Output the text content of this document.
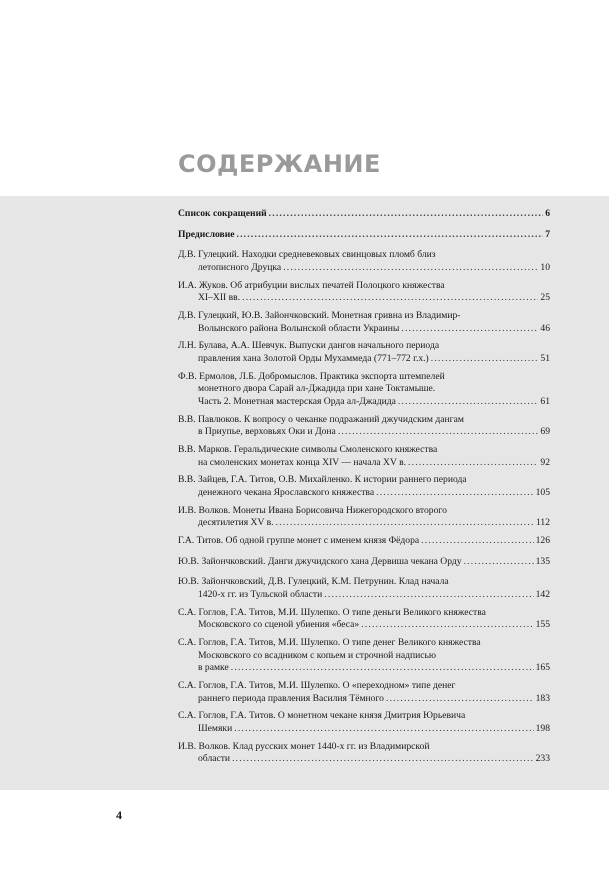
СОДЕРЖАНИЕ
Список сокращений . . .	6
Предисловие . . .	7
Д.В. Гулецкий. Находки средневековых свинцовых пломб близ
летописного Друцка . . .	10
И.А. Жуков. Об атрибуции вислых печатей Полоцкого княжества
XI–XII вв. . . .	25
Д.В. Гулецкий, Ю.В. Зайончковский. Монетная гривна из Владимир-
Волынского района Волынской области Украины . . .	46
Л.Н. Булава, А.А. Шевчук. Выпуски дангов начального периода
правления хана Золотой Орды Мухаммеда (771–772 г.х.) . . .	51
Ф.В. Ермолов, Л.Б. Добромыслов. Практика экспорта штемпелей
монетного двора Сарай ал-Джадида при хане Токтамыше.
Часть 2. Монетная мастерская Орда ал-Джадида . . .	61
В.В. Павлюков. К вопросу о чеканке подражаний джучидским дангам
в Приупье, верховьях Оки и Дона . . .	69
В.В. Марков. Геральдические символы Смоленского княжества
на смоленских монетах конца XIV — начала XV в. . . .	92
В.В. Зайцев, Г.А. Титов, О.В. Михайленко. К истории раннего периода
денежного чекана Ярославского княжества . . .	105
И.В. Волков. Монеты Ивана Борисовича Нижегородского второго
десятилетия XV в. . . .	112
Г.А. Титов. Об одной группе монет с именем князя Фёдора . . .	126
Ю.В. Зайончковский. Данги джучидского хана Дервиша чекана Орду . . .	135
Ю.В. Зайончковский, Д.В. Гулецкий, К.М. Петрунин. Клад начала
1420-х гг. из Тульской области . . .	142
С.А. Гоглов, Г.А. Титов, М.И. Шулепко. О типе деньги Великого княжества
Московского со сценой убиения «беса» . . .	155
С.А. Гоглов, Г.А. Титов, М.И. Шулепко. О типе денег Великого княжества
Московского со всадником с копьем и строчной надписью
в рамке . . .	165
С.А. Гоглов, Г.А. Титов, М.И. Шулепко. О «переходном» типе денег
раннего периода правления Василия Тёмного . . .	183
С.А. Гоглов, Г.А. Титов. О монетном чекане князя Дмитрия Юрьевича
Шемяки . . .	198
И.В. Волков. Клад русских монет 1440-х гг. из Владимирской
области . . .	233
4
